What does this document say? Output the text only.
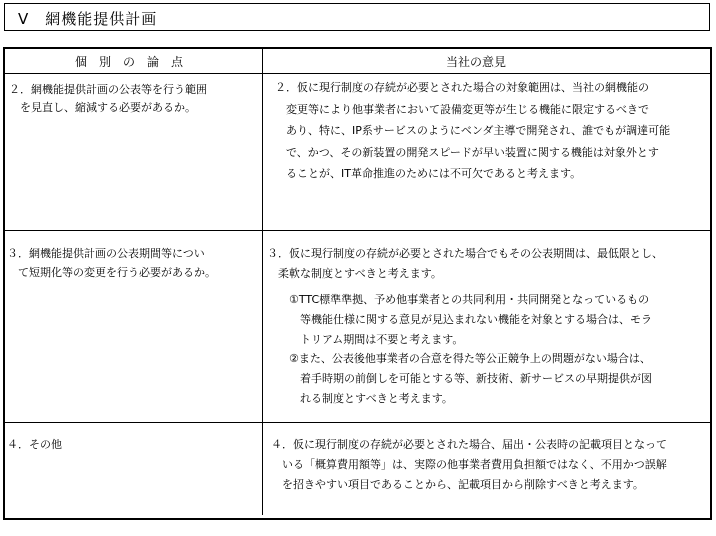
Ⅴ　網機能提供計画
個　別　の　論　点	当社の意見
２．網機能提供計画の公表等を行う範囲
　を見直し、縮減する必要があるか。
２．仮に現行制度の存続が必要とされた場合の対象範囲は、当社の網機能の
　変更等により他事業者において設備変更等が生じる機能に限定するべきで
　あり、特に、IP系サービスのようにベンダ主導で開発され、誰でもが調達可能
　で、かつ、その新装置の開発スピードが早い装置に関する機能は対象外とす
　ることが、IT革命推進のためには不可欠であると考えます。
３．網機能提供計画の公表期間等につい
　て短期化等の変更を行う必要があるか。
３．仮に現行制度の存続が必要とされた場合でもその公表期間は、最低限とし、
　柔軟な制度とすべきと考えます。
①TTC標準準拠、予め他事業者との共同利用・共同開発となっているもの
　等機能仕様に関する意見が見込まれない機能を対象とする場合は、モラ
　トリアム期間は不要と考えます。
②また、公表後他事業者の合意を得た等公正競争上の問題がない場合は、
　着手時期の前倒しを可能とする等、新技術、新サービスの早期提供が図
　れる制度とすべきと考えます。
４．その他	４．仮に現行制度の存続が必要とされた場合、届出・公表時の記載項目となって
　いる「概算費用額等」は、実際の他事業者費用負担額ではなく、不用かつ誤解
　を招きやすい項目であることから、記載項目から削除すべきと考えます。
